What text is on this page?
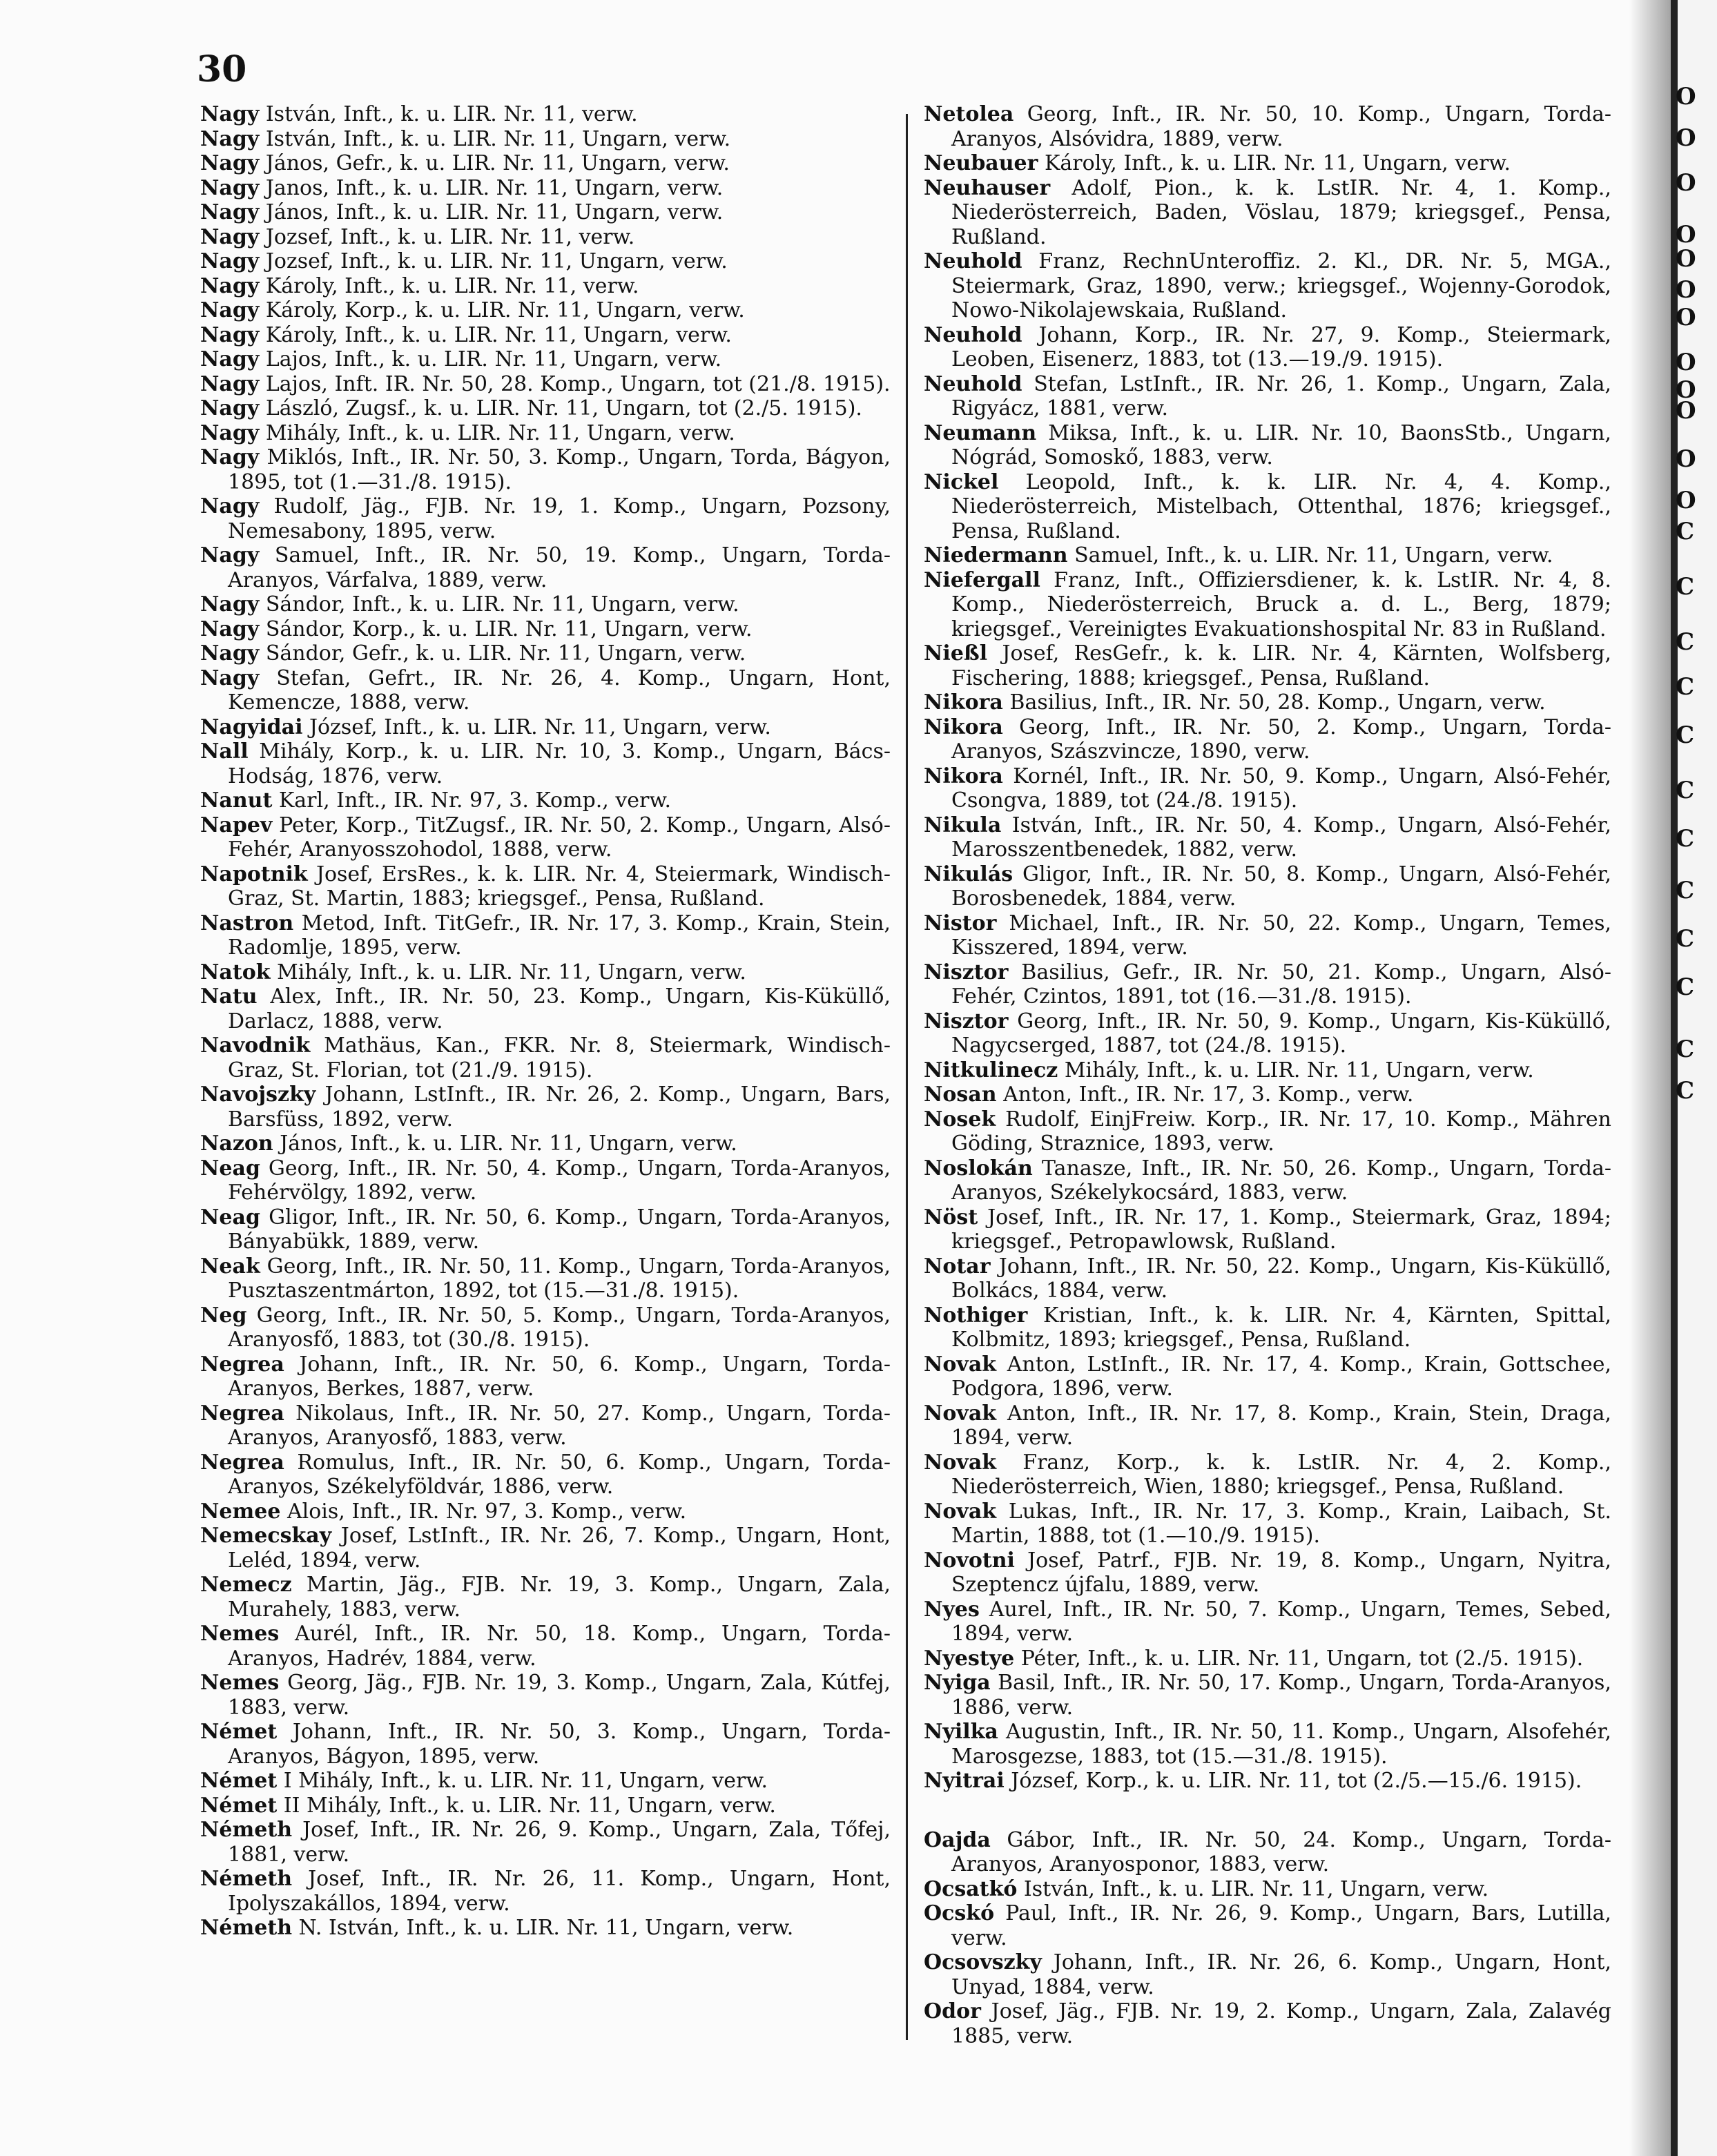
O
O
O
O
O
O
O
O
O
O
O
O
C
C
C
C
C
C
C
C
C
C
C
C
30
Nagy István, Inft., k. u. LIR. Nr. 11, verw.
Nagy István, Inft., k. u. LIR. Nr. 11, Ungarn, verw.
Nagy János, Gefr., k. u. LIR. Nr. 11, Ungarn, verw.
Nagy Janos, Inft., k. u. LIR. Nr. 11, Ungarn, verw.
Nagy János, Inft., k. u. LIR. Nr. 11, Ungarn, verw.
Nagy Jozsef, Inft., k. u. LIR. Nr. 11, verw.
Nagy Jozsef, Inft., k. u. LIR. Nr. 11, Ungarn, verw.
Nagy Károly, Inft., k. u. LIR. Nr. 11, verw.
Nagy Károly, Korp., k. u. LIR. Nr. 11, Ungarn, verw.
Nagy Károly, Inft., k. u. LIR. Nr. 11, Ungarn, verw.
Nagy Lajos, Inft., k. u. LIR. Nr. 11, Ungarn, verw.
Nagy Lajos, Inft. IR. Nr. 50, 28. Komp., Ungarn, tot (21./8. 1915).
Nagy László, Zugsf., k. u. LIR. Nr. 11, Ungarn, tot (2./5. 1915).
Nagy Mihály, Inft., k. u. LIR. Nr. 11, Ungarn, verw.
Nagy Miklós, Inft., IR. Nr. 50, 3. Komp., Ungarn, Torda, Bágyon, 1895, tot (1.—31./8. 1915).
Nagy Rudolf, Jäg., FJB. Nr. 19, 1. Komp., Ungarn, Pozsony, Nemesabony, 1895, verw.
Nagy Samuel, Inft., IR. Nr. 50, 19. Komp., Ungarn, Torda-Aranyos, Várfalva, 1889, verw.
Nagy Sándor, Inft., k. u. LIR. Nr. 11, Ungarn, verw.
Nagy Sándor, Korp., k. u. LIR. Nr. 11, Ungarn, verw.
Nagy Sándor, Gefr., k. u. LIR. Nr. 11, Ungarn, verw.
Nagy Stefan, Gefrt., IR. Nr. 26, 4. Komp., Ungarn, Hont, Kemencze, 1888, verw.
Nagyidai József, Inft., k. u. LIR. Nr. 11, Ungarn, verw.
Nall Mihály, Korp., k. u. LIR. Nr. 10, 3. Komp., Ungarn, Bács-Hodság, 1876, verw.
Nanut Karl, Inft., IR. Nr. 97, 3. Komp., verw.
Napev Peter, Korp., TitZugsf., IR. Nr. 50, 2. Komp., Ungarn, Alsó-Fehér, Aranyosszohodol, 1888, verw.
Napotnik Josef, ErsRes., k. k. LIR. Nr. 4, Steiermark, Windisch-Graz, St. Martin, 1883; kriegsgef., Pensa, Rußland.
Nastron Metod, Inft. TitGefr., IR. Nr. 17, 3. Komp., Krain, Stein, Radomlje, 1895, verw.
Natok Mihály, Inft., k. u. LIR. Nr. 11, Ungarn, verw.
Natu Alex, Inft., IR. Nr. 50, 23. Komp., Ungarn, Kis-Küküllő, Darlacz, 1888, verw.
Navodnik Mathäus, Kan., FKR. Nr. 8, Steiermark, Windisch-Graz, St. Florian, tot (21./9. 1915).
Navojszky Johann, LstInft., IR. Nr. 26, 2. Komp., Ungarn, Bars, Barsfüss, 1892, verw.
Nazon János, Inft., k. u. LIR. Nr. 11, Ungarn, verw.
Neag Georg, Inft., IR. Nr. 50, 4. Komp., Ungarn, Torda-Aranyos, Fehérvölgy, 1892, verw.
Neag Gligor, Inft., IR. Nr. 50, 6. Komp., Ungarn, Torda-Aranyos, Bányabükk, 1889, verw.
Neak Georg, Inft., IR. Nr. 50, 11. Komp., Ungarn, Torda-Aranyos, Pusztaszentmárton, 1892, tot (15.—31./8. 1915).
Neg Georg, Inft., IR. Nr. 50, 5. Komp., Ungarn, Torda-Aranyos, Aranyosfő, 1883, tot (30./8. 1915).
Negrea Johann, Inft., IR. Nr. 50, 6. Komp., Ungarn, Torda-Aranyos, Berkes, 1887, verw.
Negrea Nikolaus, Inft., IR. Nr. 50, 27. Komp., Ungarn, Torda-Aranyos, Aranyosfő, 1883, verw.
Negrea Romulus, Inft., IR. Nr. 50, 6. Komp., Ungarn, Torda-Aranyos, Székelyföldvár, 1886, verw.
Nemee Alois, Inft., IR. Nr. 97, 3. Komp., verw.
Nemecskay Josef, LstInft., IR. Nr. 26, 7. Komp., Ungarn, Hont, Leléd, 1894, verw.
Nemecz Martin, Jäg., FJB. Nr. 19, 3. Komp., Ungarn, Zala, Murahely, 1883, verw.
Nemes Aurél, Inft., IR. Nr. 50, 18. Komp., Ungarn, Torda-Aranyos, Hadrév, 1884, verw.
Nemes Georg, Jäg., FJB. Nr. 19, 3. Komp., Ungarn, Zala, Kútfej, 1883, verw.
Német Johann, Inft., IR. Nr. 50, 3. Komp., Ungarn, Torda-Aranyos, Bágyon, 1895, verw.
Német I Mihály, Inft., k. u. LIR. Nr. 11, Ungarn, verw.
Német II Mihály, Inft., k. u. LIR. Nr. 11, Ungarn, verw.
Németh Josef, Inft., IR. Nr. 26, 9. Komp., Ungarn, Zala, Tőfej, 1881, verw.
Németh Josef, Inft., IR. Nr. 26, 11. Komp., Ungarn, Hont, Ipolyszakállos, 1894, verw.
Németh N. István, Inft., k. u. LIR. Nr. 11, Ungarn, verw.
Netolea Georg, Inft., IR. Nr. 50, 10. Komp., Ungarn, Torda-Aranyos, Alsóvidra, 1889, verw.
Neubauer Károly, Inft., k. u. LIR. Nr. 11, Ungarn, verw.
Neuhauser Adolf, Pion., k. k. LstIR. Nr. 4, 1. Komp., Niederösterreich, Baden, Vöslau, 1879; kriegsgef., Pensa, Rußland.
Neuhold Franz, RechnUnteroffiz. 2. Kl., DR. Nr. 5, MGA., Steiermark, Graz, 1890, verw.; kriegsgef., Wojenny-Gorodok, Nowo-Nikolajewskaia, Rußland.
Neuhold Johann, Korp., IR. Nr. 27, 9. Komp., Steiermark, Leoben, Eisenerz, 1883, tot (13.—19./9. 1915).
Neuhold Stefan, LstInft., IR. Nr. 26, 1. Komp., Ungarn, Zala, Rigyácz, 1881, verw.
Neumann Miksa, Inft., k. u. LIR. Nr. 10, BaonsStb., Ungarn, Nógrád, Somoskő, 1883, verw.
Nickel Leopold, Inft., k. k. LIR. Nr. 4, 4. Komp., Niederösterreich, Mistelbach, Ottenthal, 1876; kriegsgef., Pensa, Rußland.
Niedermann Samuel, Inft., k. u. LIR. Nr. 11, Ungarn, verw.
Niefergall Franz, Inft., Offiziersdiener, k. k. LstIR. Nr. 4, 8. Komp., Niederösterreich, Bruck a. d. L., Berg, 1879; kriegsgef., Vereinigtes Evakuationshospital Nr. 83 in Rußland.
Nießl Josef, ResGefr., k. k. LIR. Nr. 4, Kärnten, Wolfsberg, Fischering, 1888; kriegsgef., Pensa, Rußland.
Nikora Basilius, Inft., IR. Nr. 50, 28. Komp., Ungarn, verw.
Nikora Georg, Inft., IR. Nr. 50, 2. Komp., Ungarn, Torda-Aranyos, Szászvincze, 1890, verw.
Nikora Kornél, Inft., IR. Nr. 50, 9. Komp., Ungarn, Alsó-Fehér, Csongva, 1889, tot (24./8. 1915).
Nikula István, Inft., IR. Nr. 50, 4. Komp., Ungarn, Alsó-Fehér, Marosszentbenedek, 1882, verw.
Nikulás Gligor, Inft., IR. Nr. 50, 8. Komp., Ungarn, Alsó-Fehér, Borosbenedek, 1884, verw.
Nistor Michael, Inft., IR. Nr. 50, 22. Komp., Ungarn, Temes, Kisszered, 1894, verw.
Nisztor Basilius, Gefr., IR. Nr. 50, 21. Komp., Ungarn, Alsó-Fehér, Czintos, 1891, tot (16.—31./8. 1915).
Nisztor Georg, Inft., IR. Nr. 50, 9. Komp., Ungarn, Kis-Küküllő, Nagycserged, 1887, tot (24./8. 1915).
Nitkulinecz Mihály, Inft., k. u. LIR. Nr. 11, Ungarn, verw.
Nosan Anton, Inft., IR. Nr. 17, 3. Komp., verw.
Nosek Rudolf, EinjFreiw. Korp., IR. Nr. 17, 10. Komp., Mähren Göding, Straznice, 1893, verw.
Noslokán Tanasze, Inft., IR. Nr. 50, 26. Komp., Ungarn, Torda-Aranyos, Székelykocsárd, 1883, verw.
Nöst Josef, Inft., IR. Nr. 17, 1. Komp., Steiermark, Graz, 1894; kriegsgef., Petropawlowsk, Rußland.
Notar Johann, Inft., IR. Nr. 50, 22. Komp., Ungarn, Kis-Küküllő, Bolkács, 1884, verw.
Nothiger Kristian, Inft., k. k. LIR. Nr. 4, Kärnten, Spittal, Kolbmitz, 1893; kriegsgef., Pensa, Rußland.
Novak Anton, LstInft., IR. Nr. 17, 4. Komp., Krain, Gottschee, Podgora, 1896, verw.
Novak Anton, Inft., IR. Nr. 17, 8. Komp., Krain, Stein, Draga, 1894, verw.
Novak Franz, Korp., k. k. LstIR. Nr. 4, 2. Komp., Niederösterreich, Wien, 1880; kriegsgef., Pensa, Rußland.
Novak Lukas, Inft., IR. Nr. 17, 3. Komp., Krain, Laibach, St. Martin, 1888, tot (1.—10./9. 1915).
Novotni Josef, Patrf., FJB. Nr. 19, 8. Komp., Ungarn, Nyitra, Szeptencz újfalu, 1889, verw.
Nyes Aurel, Inft., IR. Nr. 50, 7. Komp., Ungarn, Temes, Sebed, 1894, verw.
Nyestye Péter, Inft., k. u. LIR. Nr. 11, Ungarn, tot (2./5. 1915).
Nyiga Basil, Inft., IR. Nr. 50, 17. Komp., Ungarn, Torda-Aranyos, 1886, verw.
Nyilka Augustin, Inft., IR. Nr. 50, 11. Komp., Ungarn, Alsofehér, Marosgezse, 1883, tot (15.—31./8. 1915).
Nyitrai József, Korp., k. u. LIR. Nr. 11, tot (2./5.—15./6. 1915).
Oajda Gábor, Inft., IR. Nr. 50, 24. Komp., Ungarn, Torda-Aranyos, Aranyosponor, 1883, verw.
Ocsatkó István, Inft., k. u. LIR. Nr. 11, Ungarn, verw.
Ocskó Paul, Inft., IR. Nr. 26, 9. Komp., Ungarn, Bars, Lutilla, verw.
Ocsovszky Johann, Inft., IR. Nr. 26, 6. Komp., Ungarn, Hont, Unyad, 1884, verw.
Odor Josef, Jäg., FJB. Nr. 19, 2. Komp., Ungarn, Zala, Zalavég 1885, verw.
